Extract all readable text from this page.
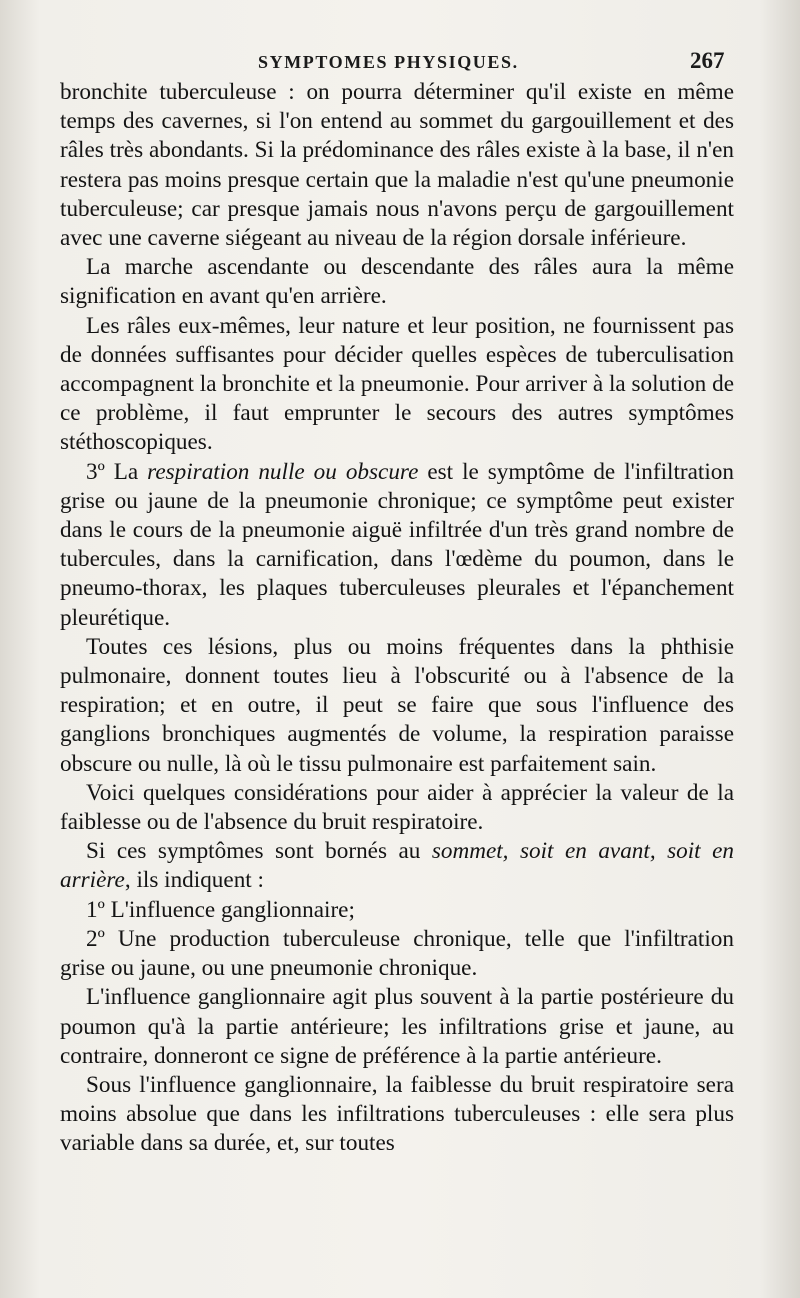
SYMPTOMES PHYSIQUES.	267

bronchite tuberculeuse : on pourra déterminer qu'il existe en même temps des cavernes, si l'on entend au sommet du gargouillement et des râles très abondants. Si la prédominance des râles existe à la base, il n'en restera pas moins presque certain que la maladie n'est qu'une pneumonie tuberculeuse; car presque jamais nous n'avons perçu de gargouillement avec une caverne siégeant au niveau de la région dorsale inférieure.

La marche ascendante ou descendante des râles aura la même signification en avant qu'en arrière.

Les râles eux-mêmes, leur nature et leur position, ne fournissent pas de données suffisantes pour décider quelles espèces de tuberculisation accompagnent la bronchite et la pneumonie. Pour arriver à la solution de ce problème, il faut emprunter le secours des autres symptômes stéthoscopiques.

3º La respiration nulle ou obscure est le symptôme de l'infiltration grise ou jaune de la pneumonie chronique; ce symptôme peut exister dans le cours de la pneumonie aiguë infiltrée d'un très grand nombre de tubercules, dans la carnification, dans l'œdème du poumon, dans le pneumo-thorax, les plaques tuberculeuses pleurales et l'épanchement pleurétique.

Toutes ces lésions, plus ou moins fréquentes dans la phthisie pulmonaire, donnent toutes lieu à l'obscurité ou à l'absence de la respiration; et en outre, il peut se faire que sous l'influence des ganglions bronchiques augmentés de volume, la respiration paraisse obscure ou nulle, là où le tissu pulmonaire est parfaitement sain.

Voici quelques considérations pour aider à apprécier la valeur de la faiblesse ou de l'absence du bruit respiratoire.

Si ces symptômes sont bornés au sommet, soit en avant, soit en arrière, ils indiquent :

1º L'influence ganglionnaire;

2º Une production tuberculeuse chronique, telle que l'infiltration grise ou jaune, ou une pneumonie chronique.

L'influence ganglionnaire agit plus souvent à la partie postérieure du poumon qu'à la partie antérieure; les infiltrations grise et jaune, au contraire, donneront ce signe de préférence à la partie antérieure.

Sous l'influence ganglionnaire, la faiblesse du bruit respiratoire sera moins absolue que dans les infiltrations tuberculeuses : elle sera plus variable dans sa durée, et, sur toutes
